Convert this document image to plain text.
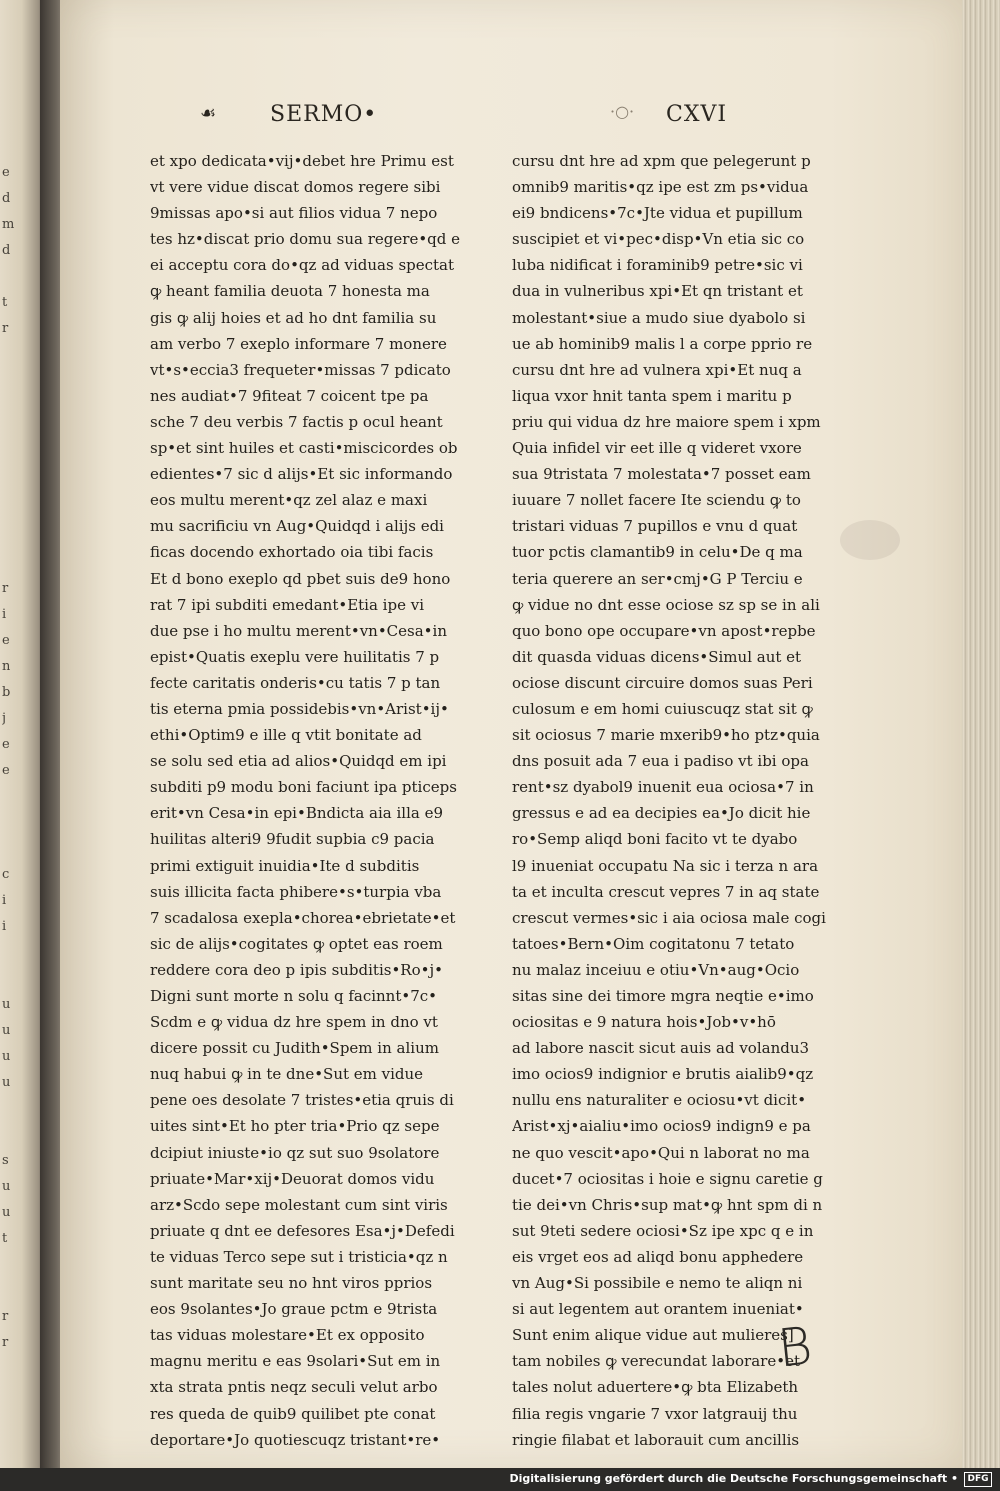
e
d
m
d

t
r

r
i
e
n
b
j
e
e

c
i
i

u
u
u
u

s
u
u
t

r
r
☙ SERMO•	·○· CXVI
et xpo dedicata•vij•debet hre Primu est
vt vere vidue discat domos regere sibi
9missas apo•si aut filios vidua 7 nepo
tes hz•discat prio domu sua regere•qd e
ei acceptu cora do•qz ad viduas spectat
ꝙ heant familia deuota 7 honesta ma
gis ꝙ alij hoies et ad ho dnt familia su
am verbo 7 exeplo informare 7 monere
vt•s•eccia3 frequeter•missas 7 pdicato
nes audiat•7 9fiteat 7 coicent tpe pa
sche 7 deu verbis 7 factis p ocul heant
sp•et sint huiles et casti•miscicordes ob
edientes•7 sic d alijs•Et sic informando
eos multu merent•qz zel alaz e maxi
mu sacrificiu vn Aug•Quidqd i alijs edi
ficas docendo exhortado oia tibi facis
Et d bono exeplo qd pbet suis de9 hono
rat 7 ipi subditi emedant•Etia ipe vi
due pse i ho multu merent•vn•Cesa•in
epist•Quatis exeplu vere huilitatis 7 p
fecte caritatis onderis•cu tatis 7 p tan
tis eterna pmia possidebis•vn•Arist•ij•
ethi•Optim9 e ille q vtit bonitate ad
se solu sed etia ad alios•Quidqd em ipi
subditi p9 modu boni faciunt ipa pticeps
erit•vn Cesa•in epi•Bndicta aia illa e9
huilitas alteri9 9fudit supbia c9 pacia
primi extiguit inuidia•Ite d subditis
suis illicita facta phibere•s•turpia vba
7 scadalosa exepla•chorea•ebrietate•et
sic de alijs•cogitates ꝙ optet eas roem
reddere cora deo p ipis subditis•Ro•j•
Digni sunt morte n solu q facinnt•7c•
Scdm e ꝙ vidua dz hre spem in dno vt
dicere possit cu Judith•Spem in alium
nuq habui ꝙ in te dne•Sut em vidue
pene oes desolate 7 tristes•etia qruis di
uites sint•Et ho pter tria•Prio qz sepe
dcipiut iniuste•io qz sut suo 9solatore
priuate•Mar•xij•Deuorat domos vidu
arz•Scdo sepe molestant cum sint viris
priuate q dnt ee defesores Esa•j•Defedi
te viduas Terco sepe sut i tristicia•qz n
sunt maritate seu no hnt viros pprios
eos 9solantes•Jo graue pctm e 9trista
tas viduas molestare•Et ex opposito
magnu meritu e eas 9solari•Sut em in
xta strata pntis neqz seculi velut arbo
res queda de quib9 quilibet pte conat
deportare•Jo quotiescuqz tristant•re•
cursu dnt hre ad xpm que pelegerunt p
omnib9 maritis•qz ipe est zm ps•vidua
ei9 bndicens•7c•Jte vidua et pupillum
suscipiet et vi•pec•disp•Vn etia sic co
luba nidificat i foraminib9 petre•sic vi
dua in vulneribus xpi•Et qn tristant et
molestant•siue a mudo siue dyabolo si
ue ab hominib9 malis l a corpe pprio re
cursu dnt hre ad vulnera xpi•Et nuq a
liqua vxor hnit tanta spem i maritu p
priu qui vidua dz hre maiore spem i xpm
Quia infidel vir eet ille q videret vxore
sua 9tristata 7 molestata•7 posset eam
iuuare 7 nollet facere Ite sciendu ꝙ to
tristari viduas 7 pupillos e vnu d quat
tuor pctis clamantib9 in celu•De q ma
teria querere an ser•cmj•G P Terciu e
ꝙ vidue no dnt esse ociose sz sp se in ali
quo bono ope occupare•vn apost•repbe
dit quasda viduas dicens•Simul aut et
ociose discunt circuire domos suas Peri
culosum e em homi cuiuscuqz stat sit ꝙ
sit ociosus 7 marie mxerib9•ho ptz•quia
dns posuit ada 7 eua i padiso vt ibi opa
rent•sz dyabol9 inuenit eua ociosa•7 in
gressus e ad ea decipies ea•Jo dicit hie
ro•Semp aliqd boni facito vt te dyabo
l9 inueniat occupatu Na sic i terza n ara
ta et inculta crescut vepres 7 in aq state
crescut vermes•sic i aia ociosa male cogi
tatoes•Bern•Oim cogitatonu 7 tetato
nu malaz inceiuu e otiu•Vn•aug•Ocio
sitas sine dei timore mgra neqtie e•imo
ociositas e 9 natura hois•Job•v•hō
ad labore nascit sicut auis ad volandu3
imo ocios9 indignior e brutis aialib9•qz
nullu ens naturaliter e ociosu•vt dicit•
Arist•xj•aialiu•imo ocios9 indign9 e pa
ne quo vescit•apo•Qui n laborat no ma
ducet•7 ociositas i hoie e signu caretie g
tie dei•vn Chris•sup mat•ꝙ hnt spm di n
sut 9teti sedere ociosi•Sz ipe xpc q e in
eis vrget eos ad aliqd bonu apphedere
vn Aug•Si possibile e nemo te aliqn ni
si aut legentem aut orantem inueniat•
Sunt enim alique vidue aut mulieres]
tam nobiles ꝙ verecundat laborare•et
tales nolut aduertere•ꝙ bta Elizabeth
filia regis vngarie 7 vxor latgrauij thu
ringie filabat et laborauit cum ancillis
B
Digitalisierung gefördert durch die Deutsche Forschungsgemeinschaft •	DFG
